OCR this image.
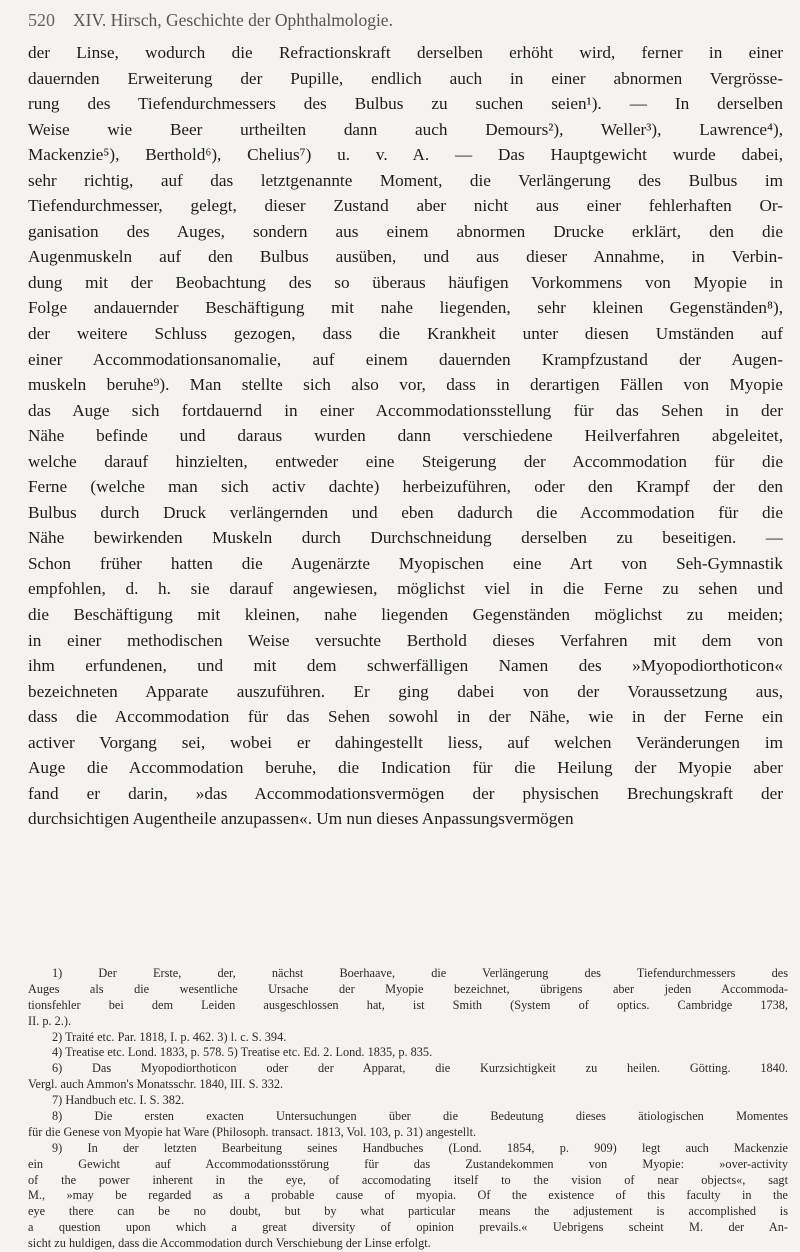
520 XIV. Hirsch, Geschichte der Ophthalmologie.
der Linse, wodurch die Refractionskraft derselben erhöht wird, ferner in einer
dauernden Erweiterung der Pupille, endlich auch in einer abnormen Vergrösse-
rung des Tiefendurchmessers des Bulbus zu suchen seien¹). — In derselben
Weise wie Beer urtheilten dann auch Demours²), Weller³), Lawrence⁴),
Mackenzie⁵), Berthold⁶), Chelius⁷) u. v. A. — Das Hauptgewicht wurde dabei,
sehr richtig, auf das letztgenannte Moment, die Verlängerung des Bulbus im
Tiefendurchmesser, gelegt, dieser Zustand aber nicht aus einer fehlerhaften Or-
ganisation des Auges, sondern aus einem abnormen Drucke erklärt, den die
Augenmuskeln auf den Bulbus ausüben, und aus dieser Annahme, in Verbin-
dung mit der Beobachtung des so überaus häufigen Vorkommens von Myopie in
Folge andauernder Beschäftigung mit nahe liegenden, sehr kleinen Gegenständen⁸),
der weitere Schluss gezogen, dass die Krankheit unter diesen Umständen auf
einer Accommodationsanomalie, auf einem dauernden Krampfzustand der Augen-
muskeln beruhe⁹). Man stellte sich also vor, dass in derartigen Fällen von Myopie
das Auge sich fortdauernd in einer Accommodationsstellung für das Sehen in der
Nähe befinde und daraus wurden dann verschiedene Heilverfahren abgeleitet,
welche darauf hinzielten, entweder eine Steigerung der Accommodation für die
Ferne (welche man sich activ dachte) herbeizuführen, oder den Krampf der den
Bulbus durch Druck verlängernden und eben dadurch die Accommodation für die
Nähe bewirkenden Muskeln durch Durchschneidung derselben zu beseitigen. —
Schon früher hatten die Augenärzte Myopischen eine Art von Seh-Gymnastik
empfohlen, d. h. sie darauf angewiesen, möglichst viel in die Ferne zu sehen und
die Beschäftigung mit kleinen, nahe liegenden Gegenständen möglichst zu meiden;
in einer methodischen Weise versuchte Berthold dieses Verfahren mit dem von
ihm erfundenen, und mit dem schwerfälligen Namen des »Myopodiorthoticon«
bezeichneten Apparate auszuführen. Er ging dabei von der Voraussetzung aus,
dass die Accommodation für das Sehen sowohl in der Nähe, wie in der Ferne ein
activer Vorgang sei, wobei er dahingestellt liess, auf welchen Veränderungen im
Auge die Accommodation beruhe, die Indication für die Heilung der Myopie aber
fand er darin, »das Accommodationsvermögen der physischen Brechungskraft der
durchsichtigen Augentheile anzupassen«. Um nun dieses Anpassungsvermögen
1) Der Erste, der, nächst Boerhaave, die Verlängerung des Tiefendurchmessers des
Auges als die wesentliche Ursache der Myopie bezeichnet, übrigens aber jeden Accommoda-
tionsfehler bei dem Leiden ausgeschlossen hat, ist Smith (System of optics. Cambridge 1738,
II. p. 2.).
2) Traité etc. Par. 1818, I. p. 462. 3) l. c. S. 394.
4) Treatise etc. Lond. 1833, p. 578. 5) Treatise etc. Ed. 2. Lond. 1835, p. 835.
6) Das Myopodiorthoticon oder der Apparat, die Kurzsichtigkeit zu heilen. Götting. 1840.
Vergl. auch Ammon's Monatsschr. 1840, III. S. 332.
7) Handbuch etc. I. S. 382.
8) Die ersten exacten Untersuchungen über die Bedeutung dieses ätiologischen Momentes
für die Genese von Myopie hat Ware (Philosoph. transact. 1813, Vol. 103, p. 31) angestellt.
9) In der letzten Bearbeitung seines Handbuches (Lond. 1854, p. 909) legt auch Mackenzie
ein Gewicht auf Accommodationsstörung für das Zustandekommen von Myopie: »over-activity
of the power inherent in the eye, of accomodating itself to the vision of near objects«, sagt
M., »may be regarded as a probable cause of myopia. Of the existence of this faculty in the
eye there can be no doubt, but by what particular means the adjustement is accomplished is
a question upon which a great diversity of opinion prevails.« Uebrigens scheint M. der An-
sicht zu huldigen, dass die Accommodation durch Verschiebung der Linse erfolgt.
